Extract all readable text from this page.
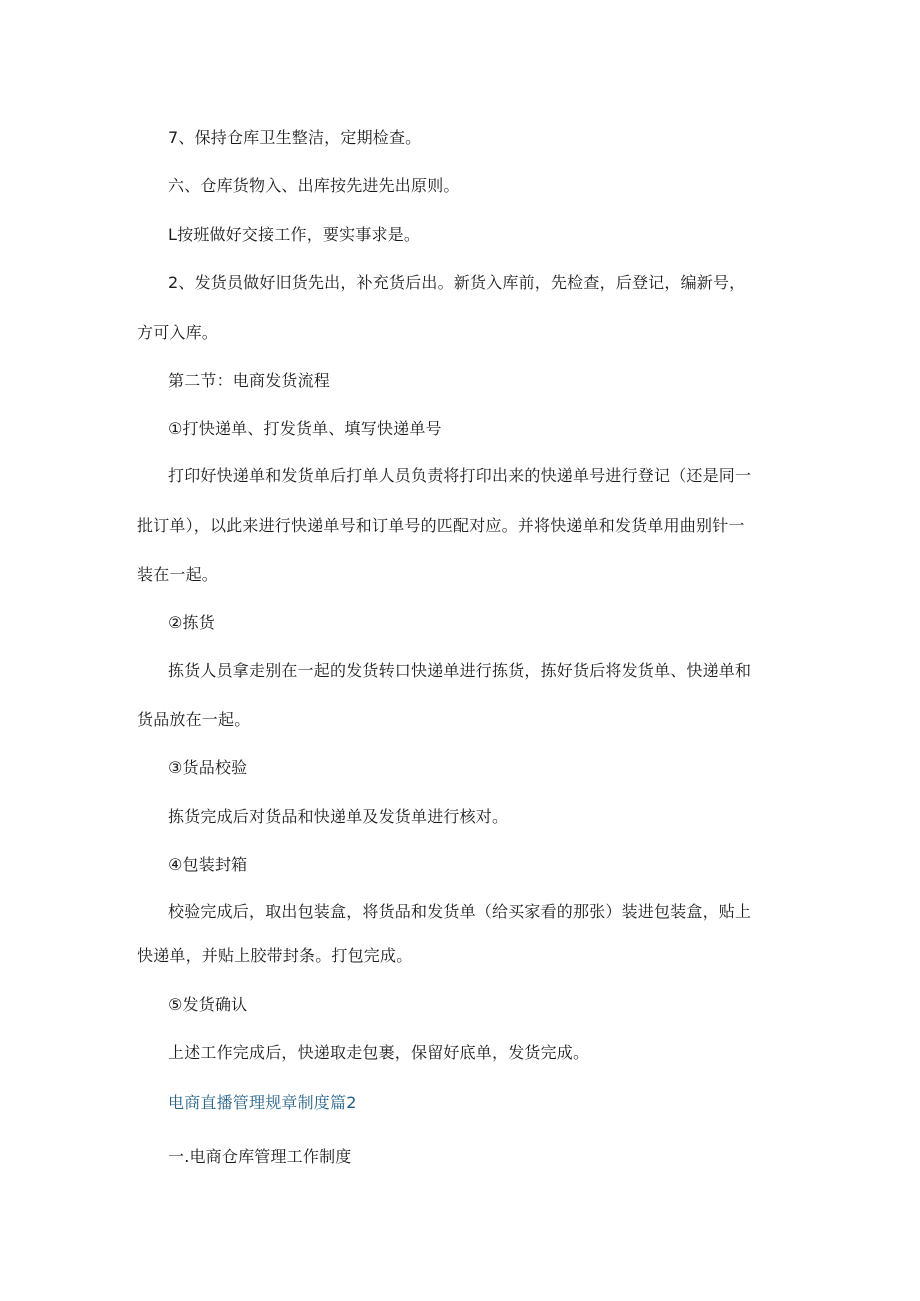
7、保持仓库卫生整洁，定期检查。
六、仓库货物入、出库按先进先出原则。
L按班做好交接工作，要实事求是。
2、发货员做好旧货先出，补充货后出。新货入库前，先检查，后登记，编新号，
方可入库。
第二节：电商发货流程
①打快递单、打发货单、填写快递单号
打印好快递单和发货单后打单人员负责将打印出来的快递单号进行登记（还是同一
批订单），以此来进行快递单号和订单号的匹配对应。并将快递单和发货单用曲别针一
装在一起。
②拣货
拣货人员拿走别在一起的发货转口快递单进行拣货，拣好货后将发货单、快递单和
货品放在一起。
③货品校验
拣货完成后对货品和快递单及发货单进行核对。
④包装封箱
校验完成后，取出包装盒，将货品和发货单（给买家看的那张）装进包装盒，贴上
快递单，并贴上胶带封条。打包完成。
⑤发货确认
上述工作完成后，快递取走包裹，保留好底单，发货完成。
电商直播管理规章制度篇2
一.电商仓库管理工作制度
